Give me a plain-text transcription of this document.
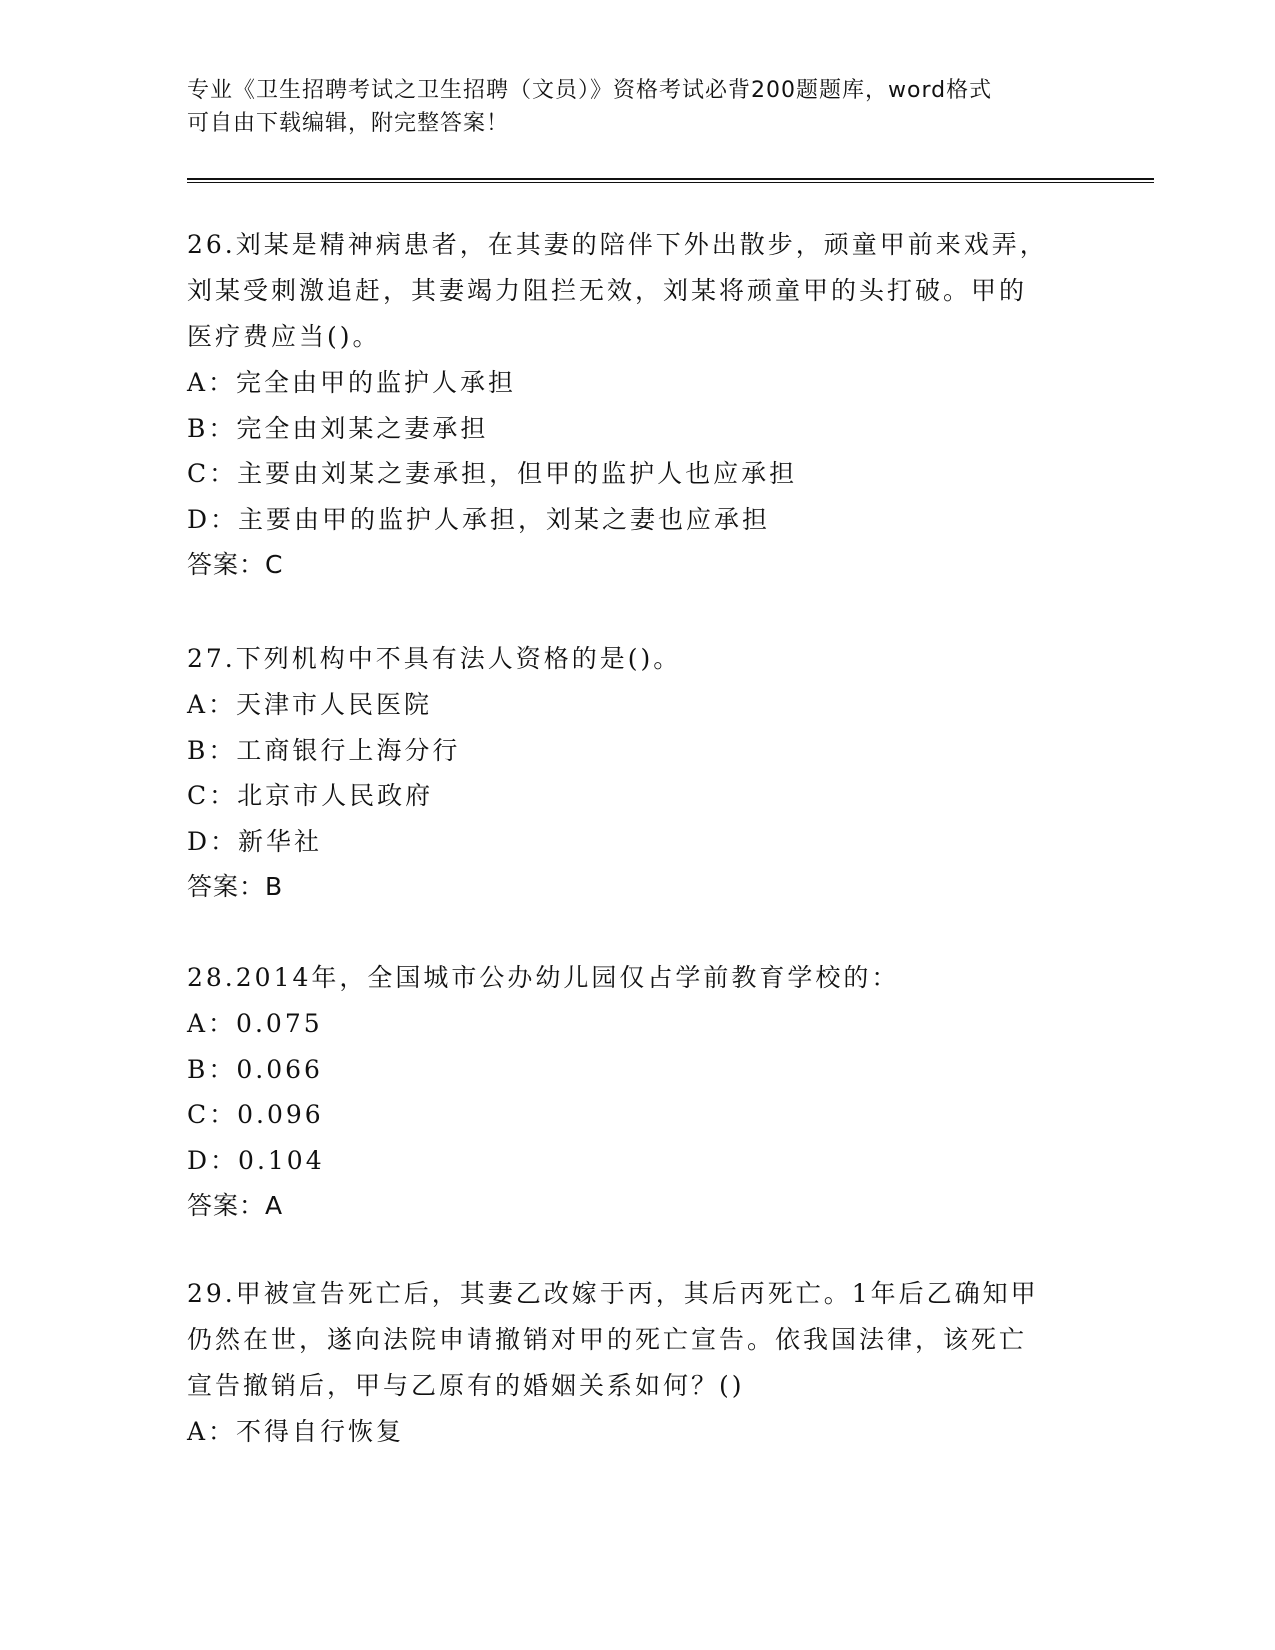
专业《卫生招聘考试之卫生招聘（文员）》资格考试必背200题题库，word格式

可自由下载编辑，附完整答案！

26.刘某是精神病患者，在其妻的陪伴下外出散步，顽童甲前来戏弄，

刘某受刺激追赶，其妻竭力阻拦无效，刘某将顽童甲的头打破。甲的

医疗费应当()。

A：完全由甲的监护人承担

B：完全由刘某之妻承担

C：主要由刘某之妻承担，但甲的监护人也应承担

D：主要由甲的监护人承担，刘某之妻也应承担

答案：C

27.下列机构中不具有法人资格的是()。

A：天津市人民医院

B：工商银行上海分行

C：北京市人民政府

D：新华社

答案：B

28.2014年，全国城市公办幼儿园仅占学前教育学校的：

A：0.075

B：0.066

C：0.096

D：0.104

答案：A

29.甲被宣告死亡后，其妻乙改嫁于丙，其后丙死亡。1年后乙确知甲

仍然在世，遂向法院申请撤销对甲的死亡宣告。依我国法律，该死亡

宣告撤销后，甲与乙原有的婚姻关系如何？()

A：不得自行恢复
